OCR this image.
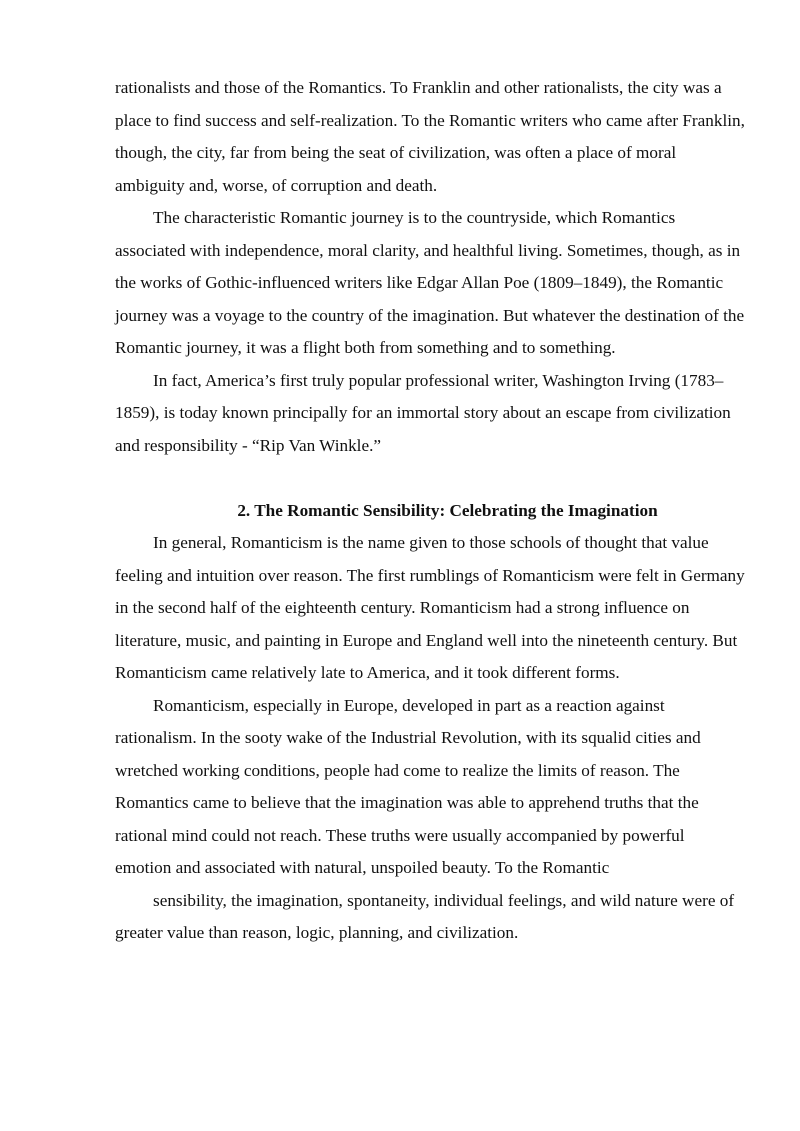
rationalists and those of the Romantics. To Franklin and other rationalists, the city was a place to find success and self-realization. To the Romantic writers who came after Franklin, though, the city, far from being the seat of civilization, was often a place of moral ambiguity and, worse, of corruption and death.

The characteristic Romantic journey is to the countryside, which Romantics associated with independence, moral clarity, and healthful living. Sometimes, though, as in the works of Gothic-influenced writers like Edgar Allan Poe (1809–1849), the Romantic journey was a voyage to the country of the imagination. But whatever the destination of the Romantic journey, it was a flight both from something and to something.

In fact, America’s first truly popular professional writer, Washington Irving (1783–1859), is today known principally for an immortal story about an escape from civilization and responsibility - “Rip Van Winkle.”

2. The Romantic Sensibility: Celebrating the Imagination

In general, Romanticism is the name given to those schools of thought that value feeling and intuition over reason. The first rumblings of Romanticism were felt in Germany in the second half of the eighteenth century. Romanticism had a strong influence on literature, music, and painting in Europe and England well into the nineteenth century. But Romanticism came relatively late to America, and it took different forms.

Romanticism, especially in Europe, developed in part as a reaction against rationalism. In the sooty wake of the Industrial Revolution, with its squalid cities and wretched working conditions, people had come to realize the limits of reason. The Romantics came to believe that the imagination was able to apprehend truths that the rational mind could not reach. These truths were usually accompanied by powerful emotion and associated with natural, unspoiled beauty. To the Romantic

sensibility, the imagination, spontaneity, individual feelings, and wild nature were of greater value than reason, logic, planning, and civilization.
